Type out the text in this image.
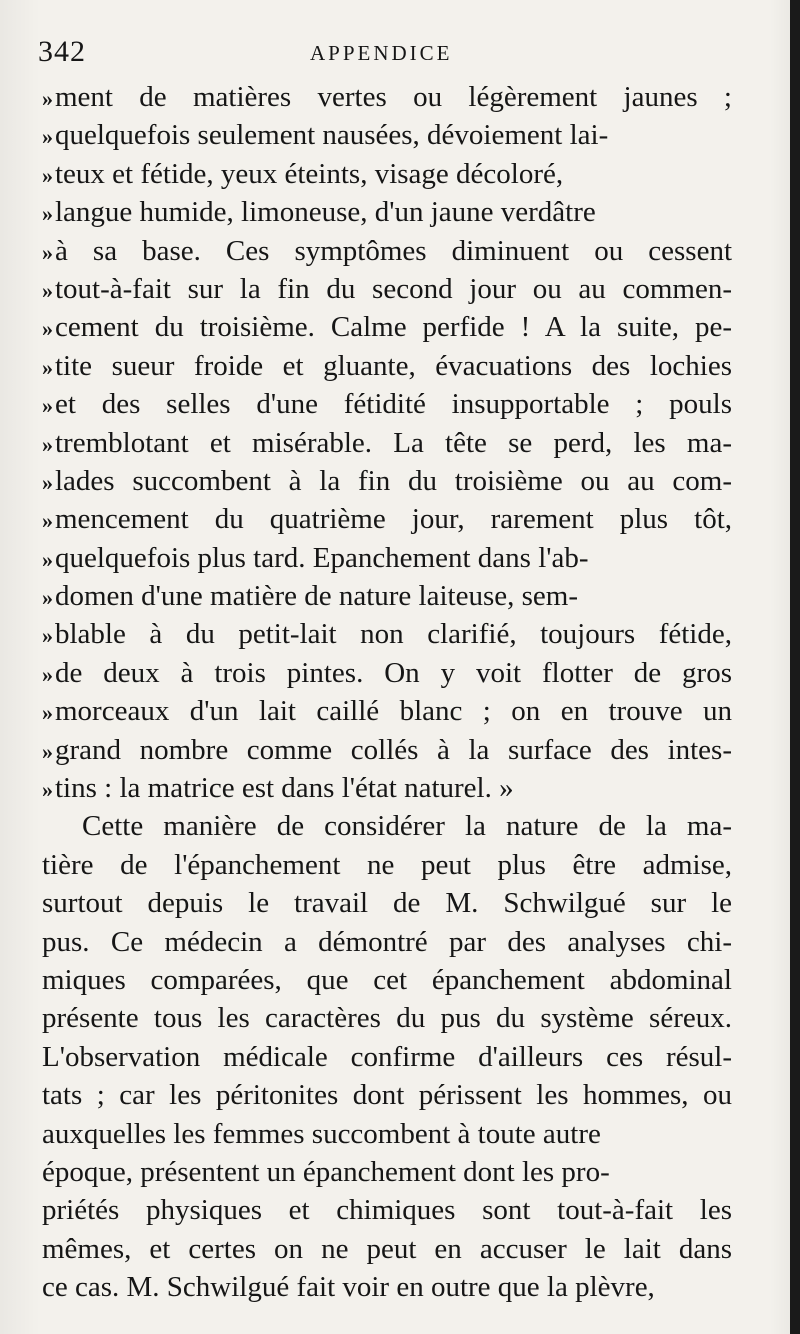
342	APPENDICE
» ment de matières vertes ou légèrement jaunes ;
» quelquefois seulement nausées, dévoiement lai-
» teux et fétide, yeux éteints, visage décoloré,
» langue humide, limoneuse, d'un jaune verdâtre
» à sa base. Ces symptômes diminuent ou cessent
» tout-à-fait sur la fin du second jour ou au commen-
» cement du troisième. Calme perfide ! A la suite, pe-
» tite sueur froide et gluante, évacuations des lochies
» et des selles d'une fétidité insupportable ; pouls
» tremblotant et misérable. La tête se perd, les ma-
» lades succombent à la fin du troisième ou au com-
» mencement du quatrième jour, rarement plus tôt,
» quelquefois plus tard. Epanchement dans l'ab-
» domen d'une matière de nature laiteuse, sem-
» blable à du petit-lait non clarifié, toujours fétide,
» de deux à trois pintes. On y voit flotter de gros
» morceaux d'un lait caillé blanc ; on en trouve un
» grand nombre comme collés à la surface des intes-
» tins : la matrice est dans l'état naturel. »
Cette manière de considérer la nature de la ma-
tière de l'épanchement ne peut plus être admise,
surtout depuis le travail de M. Schwilgué sur le
pus. Ce médecin a démontré par des analyses chi-
miques comparées, que cet épanchement abdominal
présente tous les caractères du pus du système séreux.
L'observation médicale confirme d'ailleurs ces résul-
tats ; car les péritonites dont périssent les hommes, ou
auxquelles les femmes succombent à toute autre
époque, présentent un épanchement dont les pro-
priétés physiques et chimiques sont tout-à-fait les
mêmes, et certes on ne peut en accuser le lait dans
ce cas. M. Schwilgué fait voir en outre que la plèvre,
